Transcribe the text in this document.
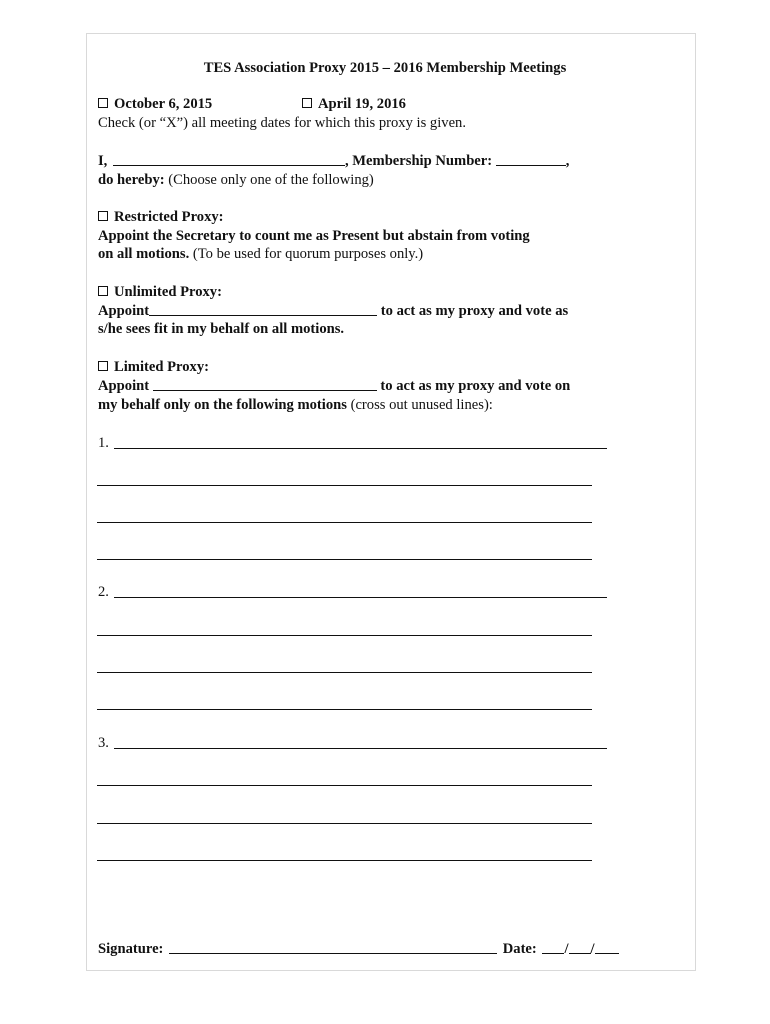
TES Association Proxy 2015 – 2016 Membership Meetings
October 6, 2015	April 19, 2016
Check (or “X”) all meeting dates for which this proxy is given.
I,	, Membership Number:	,
do hereby: (Choose only one of the following)
Restricted Proxy:
Appoint the Secretary to count me as Present but abstain from voting
on all motions. (To be used for quorum purposes only.)
Unlimited Proxy:
Appoint	to act as my proxy and vote as
s/he sees fit in my behalf on all motions.
Limited Proxy:
Appoint	to act as my proxy and vote on
my behalf only on the following motions (cross out unused lines):
1.
2.
3.
Signature:	Date: / /
